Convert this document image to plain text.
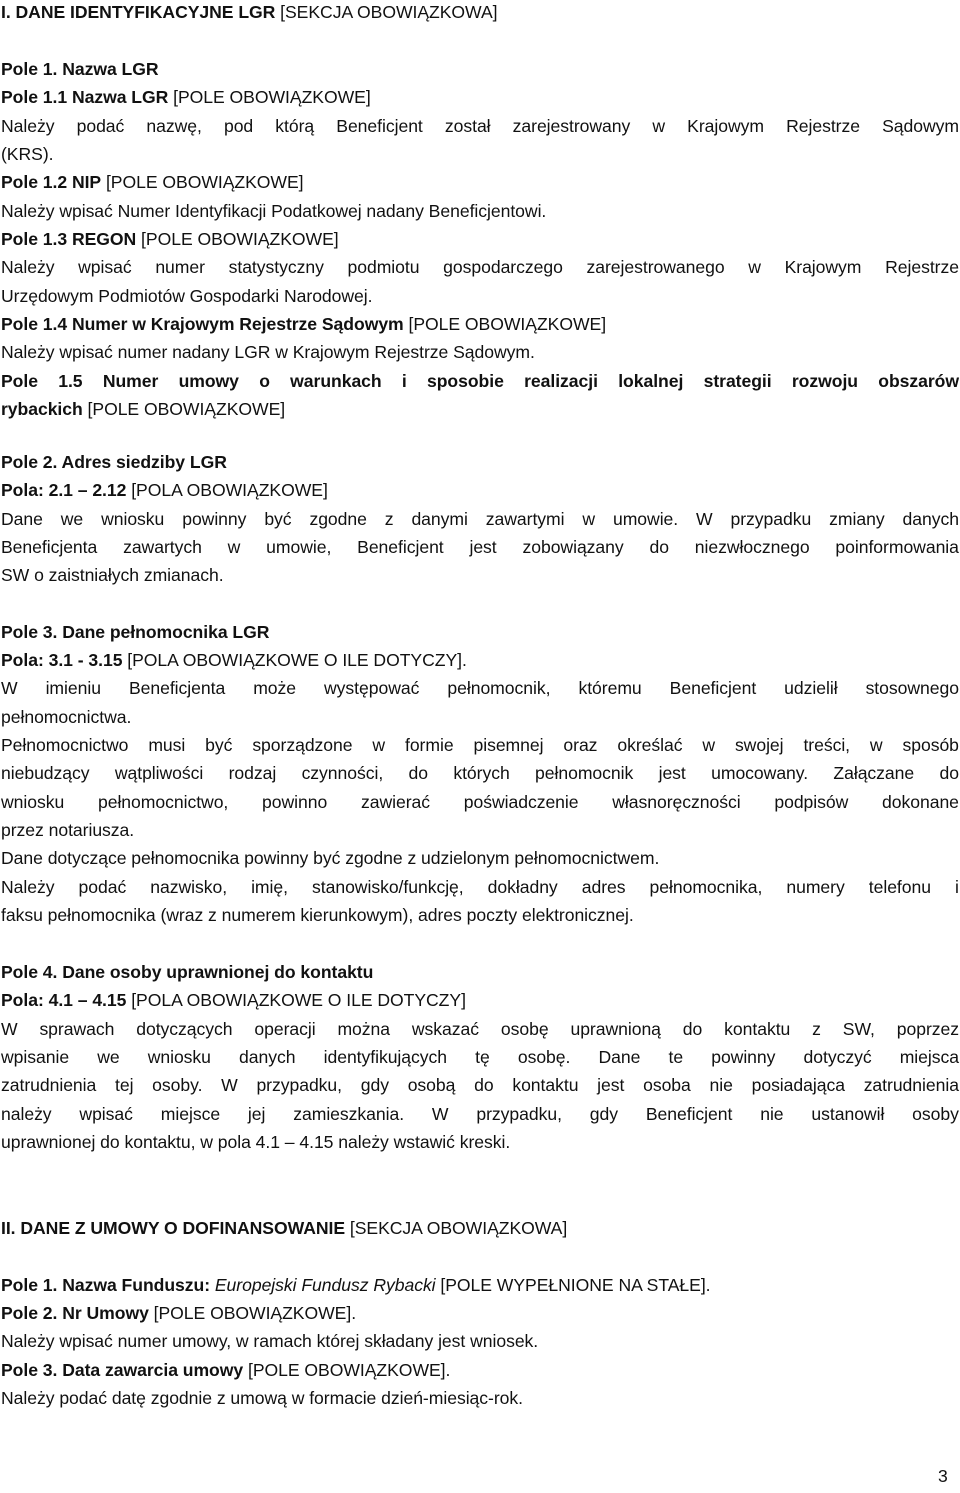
I. DANE IDENTYFIKACYJNE LGR [SEKCJA OBOWIĄZKOWA]
Pole 1. Nazwa LGR
Pole 1.1 Nazwa LGR [POLE OBOWIĄZKOWE]
Należy podać nazwę, pod którą Beneficjent został zarejestrowany w Krajowym Rejestrze Sądowym
(KRS).
Pole 1.2 NIP [POLE OBOWIĄZKOWE]
Należy wpisać Numer Identyfikacji Podatkowej nadany Beneficjentowi.
Pole 1.3 REGON [POLE OBOWIĄZKOWE]
Należy wpisać numer statystyczny podmiotu gospodarczego zarejestrowanego w Krajowym Rejestrze
Urzędowym Podmiotów Gospodarki Narodowej.
Pole 1.4 Numer w Krajowym Rejestrze Sądowym [POLE OBOWIĄZKOWE]
Należy wpisać numer nadany LGR w Krajowym Rejestrze Sądowym.
Pole 1.5 Numer umowy o warunkach i sposobie realizacji lokalnej strategii rozwoju obszarów
rybackich [POLE OBOWIĄZKOWE]
Pole 2. Adres siedziby LGR
Pola: 2.1 – 2.12 [POLA OBOWIĄZKOWE]
Dane we wniosku powinny być zgodne z danymi zawartymi w umowie. W przypadku zmiany danych
Beneficjenta zawartych w umowie, Beneficjent jest zobowiązany do niezwłocznego poinformowania
SW o zaistniałych zmianach.
Pole 3. Dane pełnomocnika LGR
Pola: 3.1 - 3.15 [POLA OBOWIĄZKOWE O ILE DOTYCZY].
W imieniu Beneficjenta może występować pełnomocnik, któremu Beneficjent udzielił stosownego
pełnomocnictwa.
Pełnomocnictwo musi być sporządzone w formie pisemnej oraz określać w swojej treści, w sposób
niebudzący wątpliwości rodzaj czynności, do których pełnomocnik jest umocowany. Załączane do
wniosku pełnomocnictwo, powinno zawierać poświadczenie własnoręczności podpisów dokonane
przez notariusza.
Dane dotyczące pełnomocnika powinny być zgodne z udzielonym pełnomocnictwem.
Należy podać nazwisko, imię, stanowisko/funkcję, dokładny adres pełnomocnika, numery telefonu i
faksu pełnomocnika (wraz z numerem kierunkowym), adres poczty elektronicznej.
Pole 4. Dane osoby uprawnionej do kontaktu
Pola: 4.1 – 4.15 [POLA OBOWIĄZKOWE O ILE DOTYCZY]
W sprawach dotyczących operacji można wskazać osobę uprawnioną do kontaktu z SW, poprzez
wpisanie we wniosku danych identyfikujących tę osobę. Dane te powinny dotyczyć miejsca
zatrudnienia tej osoby. W przypadku, gdy osobą do kontaktu jest osoba nie posiadająca zatrudnienia
należy wpisać miejsce jej zamieszkania. W przypadku, gdy Beneficjent nie ustanowił osoby
uprawnionej do kontaktu, w pola 4.1 – 4.15 należy wstawić kreski.
II. DANE Z UMOWY O DOFINANSOWANIE [SEKCJA OBOWIĄZKOWA]
Pole 1. Nazwa Funduszu: Europejski Fundusz Rybacki [POLE WYPEŁNIONE NA STAŁE].
Pole 2. Nr Umowy [POLE OBOWIĄZKOWE].
Należy wpisać numer umowy, w ramach której składany jest wniosek.
Pole 3. Data zawarcia umowy [POLE OBOWIĄZKOWE].
Należy podać datę zgodnie z umową w formacie dzień-miesiąc-rok.
3
